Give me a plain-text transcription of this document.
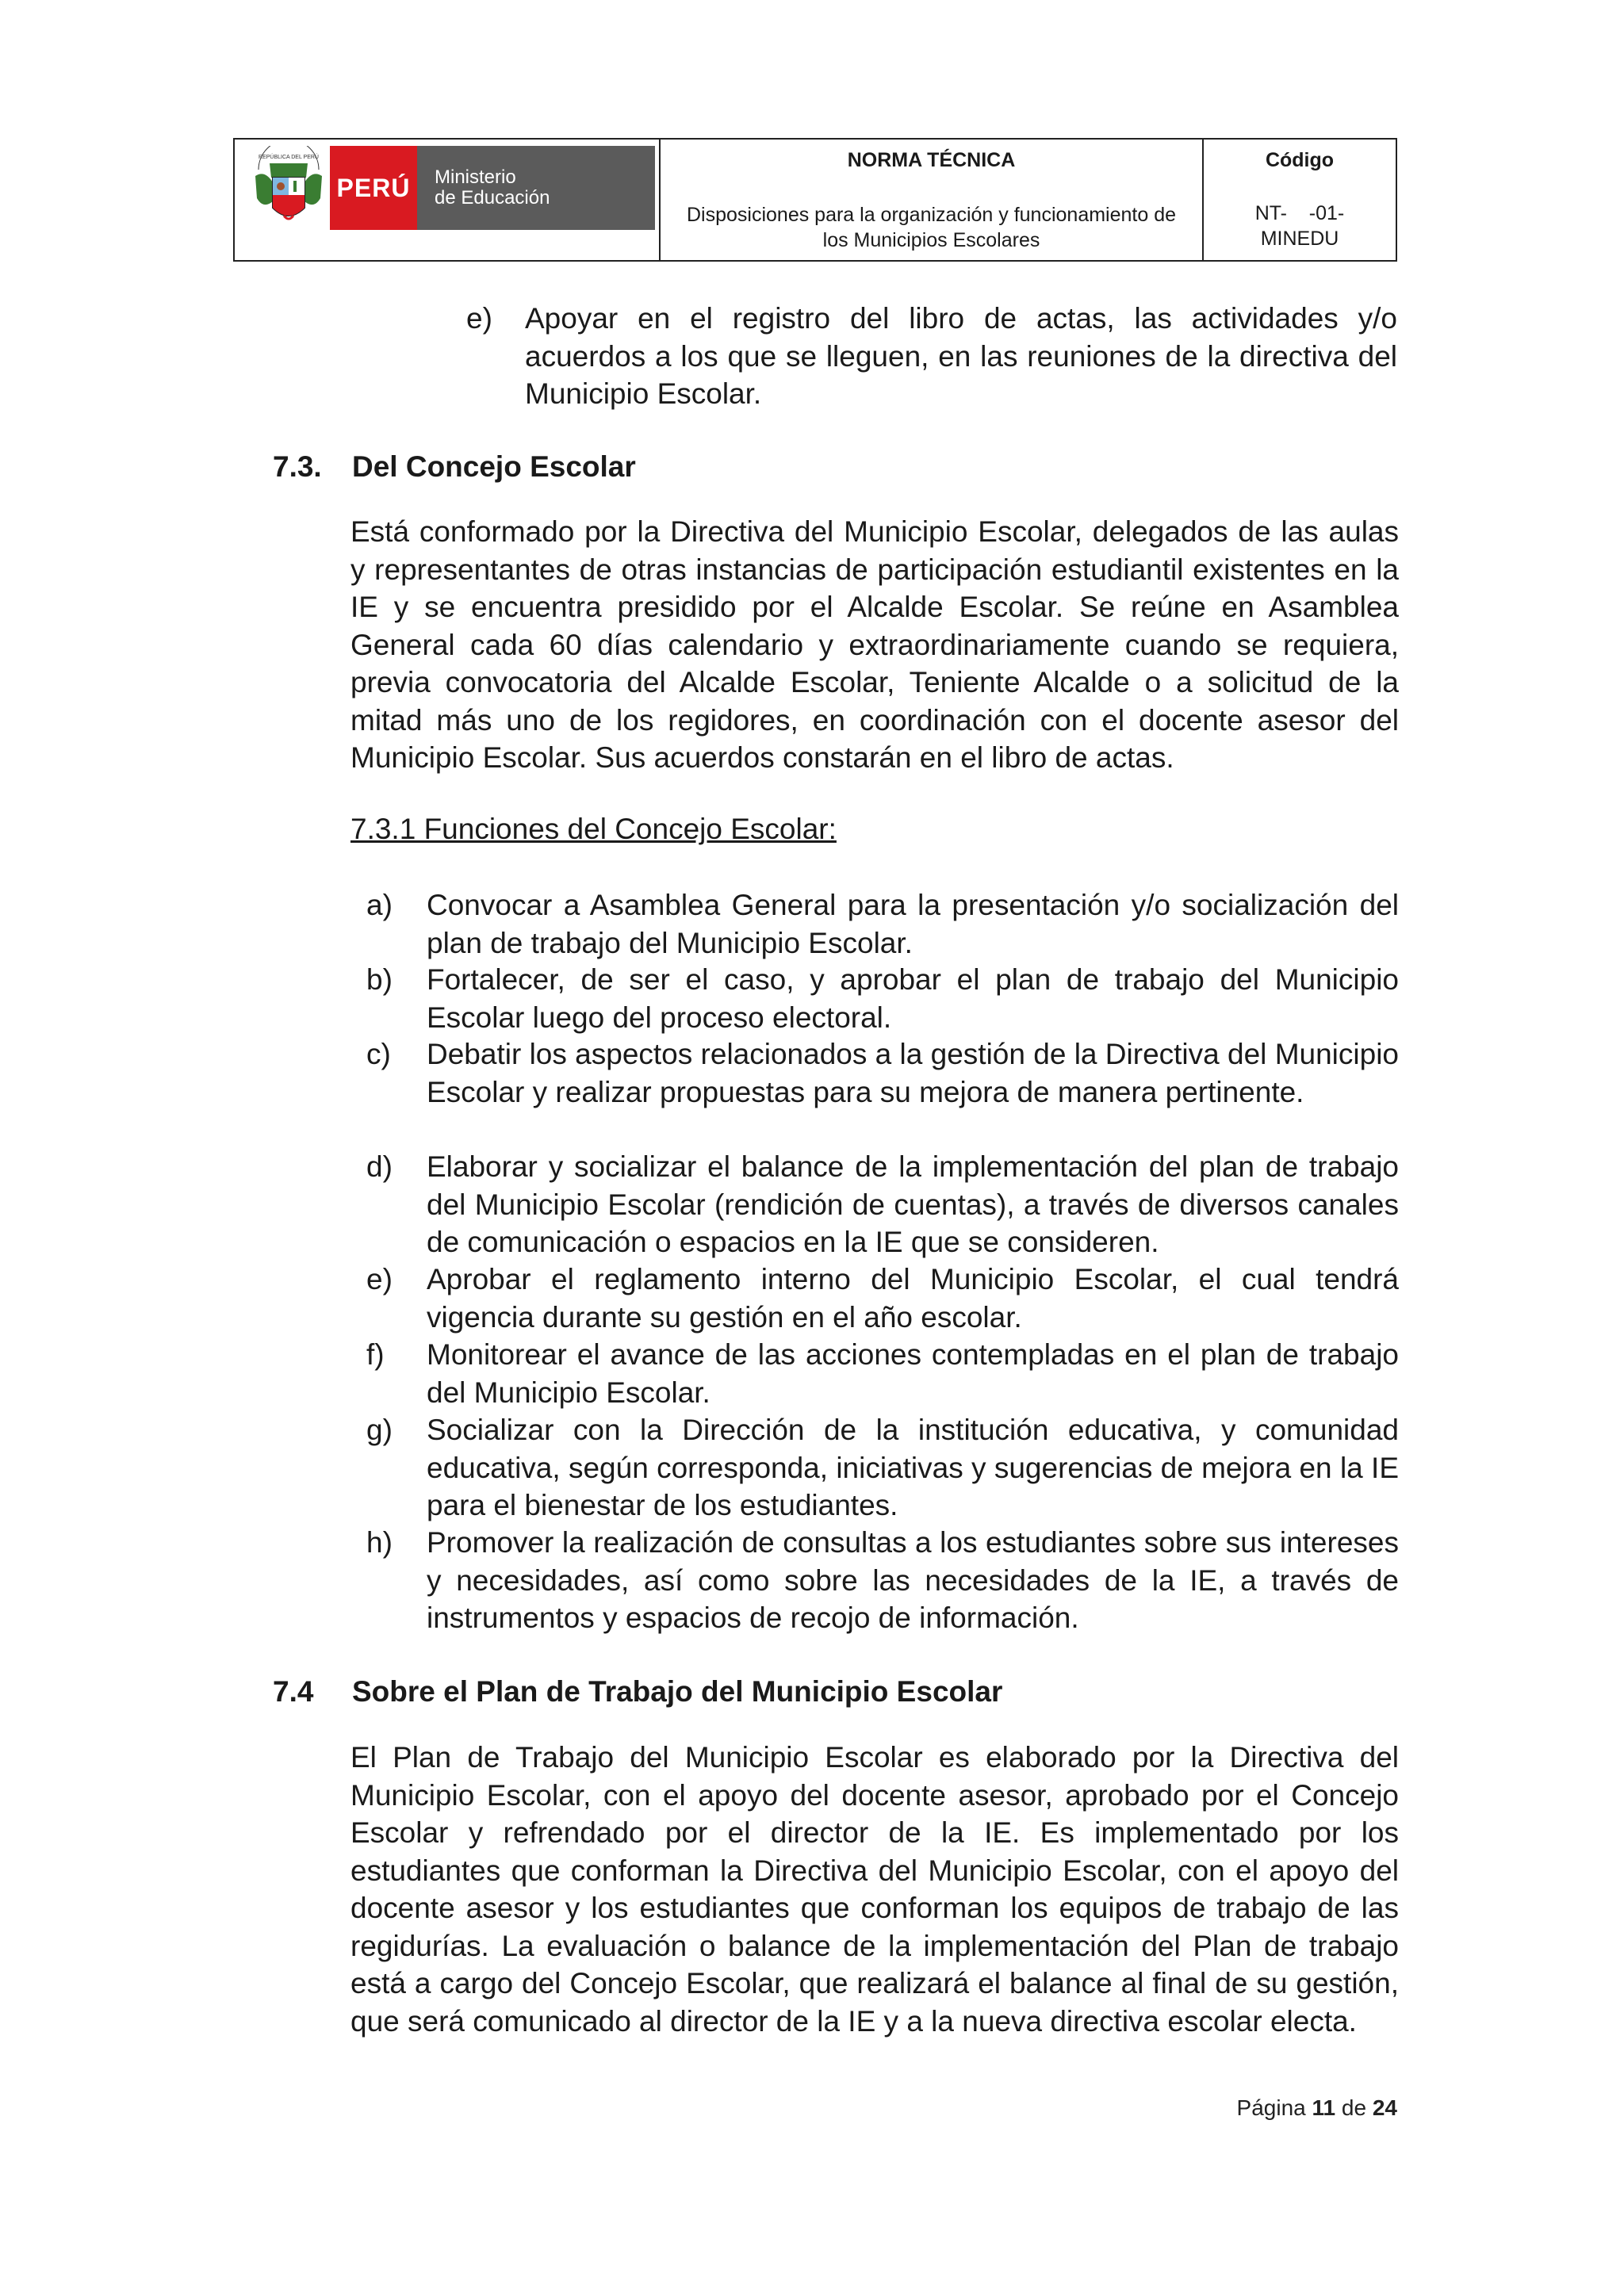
REPÚBLICA DEL PERÚ
PERÚ	Ministerio
de Educación
NORMA TÉCNICA
Disposiciones para la organización y funcionamiento de los Municipios Escolares
Código
NT-    -01-
MINEDU
e) Apoyar en el registro del libro de actas, las actividades y/o acuerdos a los que se lleguen, en las reuniones de la directiva del Municipio Escolar.
7.3. Del Concejo Escolar
Está conformado por la Directiva del Municipio Escolar, delegados de las aulas y representantes de otras instancias de participación estudiantil existentes en la IE y se encuentra presidido por el Alcalde Escolar. Se reúne en Asamblea General cada 60 días calendario y extraordinariamente cuando se requiera, previa convocatoria del Alcalde Escolar, Teniente Alcalde o a solicitud de la mitad más uno de los regidores, en coordinación con el docente asesor del Municipio Escolar. Sus acuerdos constarán en el libro de actas.
7.3.1 Funciones del Concejo Escolar:
a) Convocar a Asamblea General para la presentación y/o socialización del plan de trabajo del Municipio Escolar.
b) Fortalecer, de ser el caso, y aprobar el plan de trabajo del Municipio Escolar luego del proceso electoral.
c) Debatir los aspectos relacionados a la gestión de la Directiva del Municipio Escolar y realizar propuestas para su mejora de manera pertinente.
d) Elaborar y socializar el balance de la implementación del plan de trabajo del Municipio Escolar (rendición de cuentas), a través de diversos canales de comunicación o espacios en la IE que se consideren.
e) Aprobar el reglamento interno del Municipio Escolar, el cual tendrá vigencia durante su gestión en el año escolar.
f) Monitorear el avance de las acciones contempladas en el plan de trabajo del Municipio Escolar.
g) Socializar con la Dirección de la institución educativa, y comunidad educativa, según corresponda, iniciativas y sugerencias de mejora en la IE para el bienestar de los estudiantes.
h) Promover la realización de consultas a los estudiantes sobre sus intereses y necesidades, así como sobre las necesidades de la IE, a través de instrumentos y espacios de recojo de información.
7.4 Sobre el Plan de Trabajo del Municipio Escolar
El Plan de Trabajo del Municipio Escolar es elaborado por la Directiva del Municipio Escolar, con el apoyo del docente asesor, aprobado por el Concejo Escolar y refrendado por el director de la IE. Es implementado por los estudiantes que conforman la Directiva del Municipio Escolar, con el apoyo del docente asesor y los estudiantes que conforman los equipos de trabajo de las regidurías. La evaluación o balance de la implementación del Plan de trabajo está a cargo del Concejo Escolar, que realizará el balance al final de su gestión, que será comunicado al director de la IE y a la nueva directiva escolar electa.
Página 11 de 24
